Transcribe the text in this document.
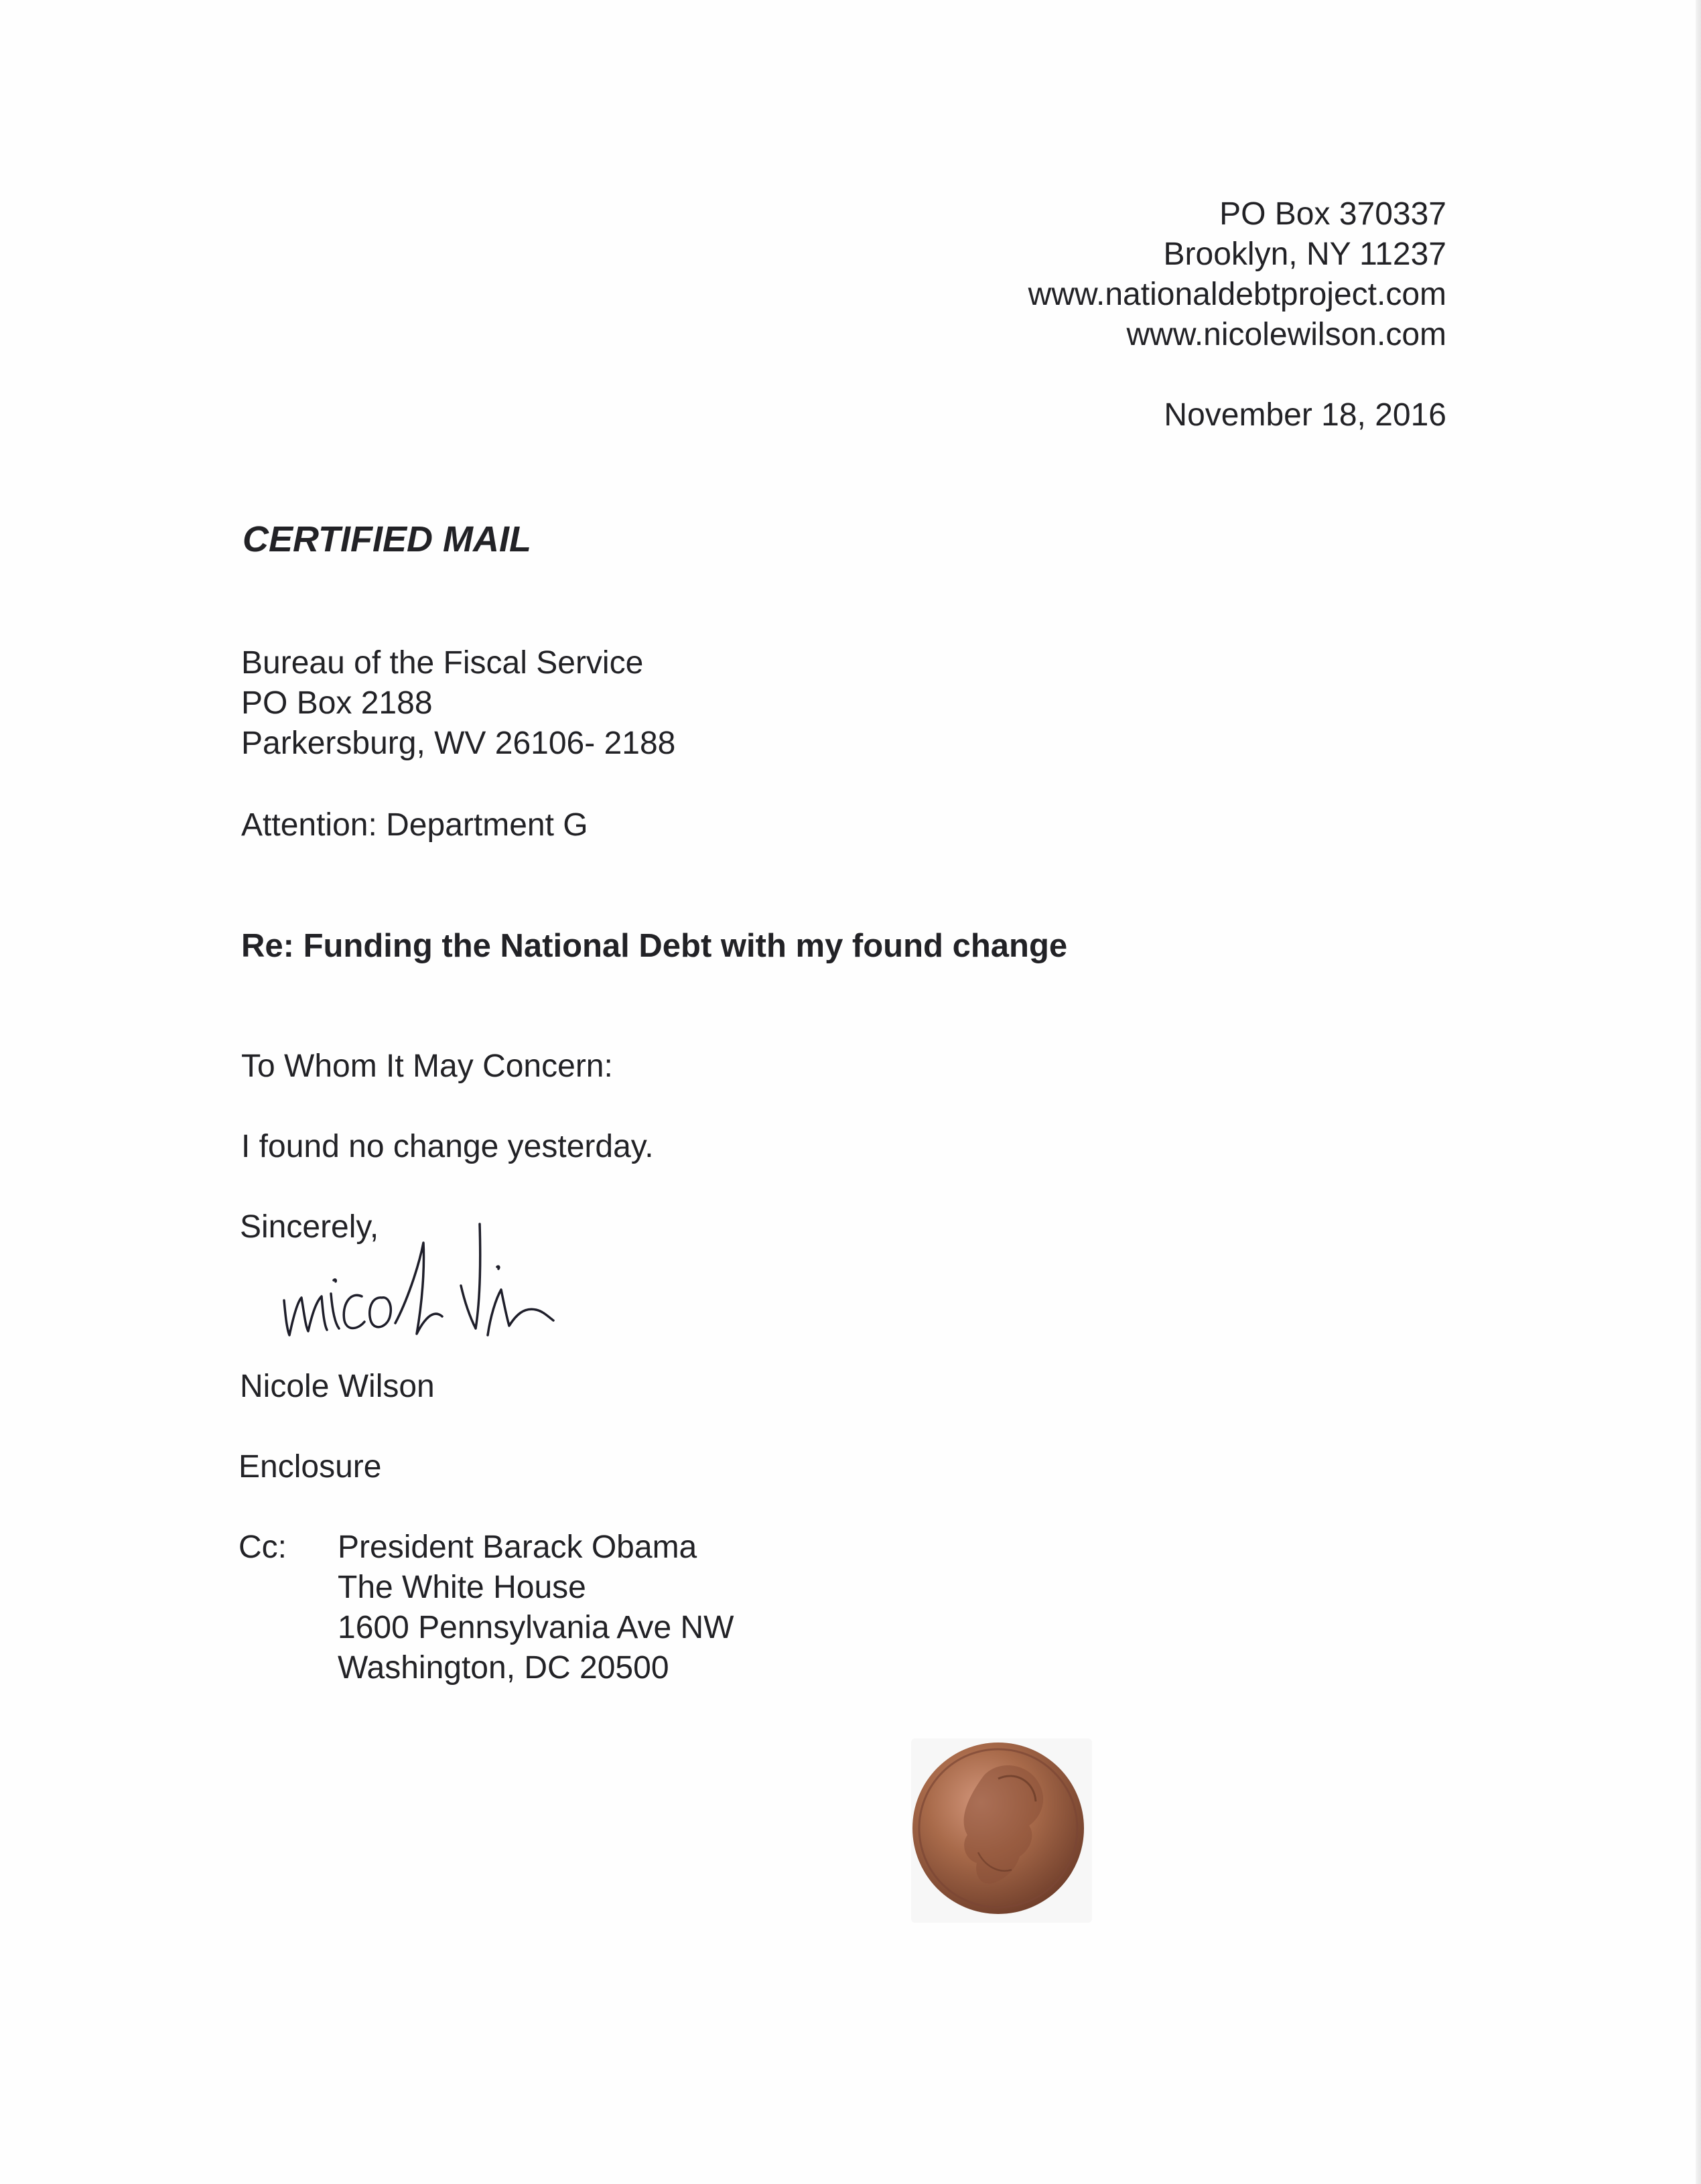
PO Box 370337
Brooklyn, NY 11237
www.nationaldebtproject.com
www.nicolewilson.com
November 18, 2016
CERTIFIED MAIL
Bureau of the Fiscal Service
PO Box 2188
Parkersburg, WV 26106- 2188
Attention: Department G
Re: Funding the National Debt with my found change
To Whom It May Concern:
I found no change yesterday.
Sincerely,
Nicole Wilson
Enclosure
Cc: President Barack Obama
The White House
1600 Pennsylvania Ave NW
Washington, DC 20500
